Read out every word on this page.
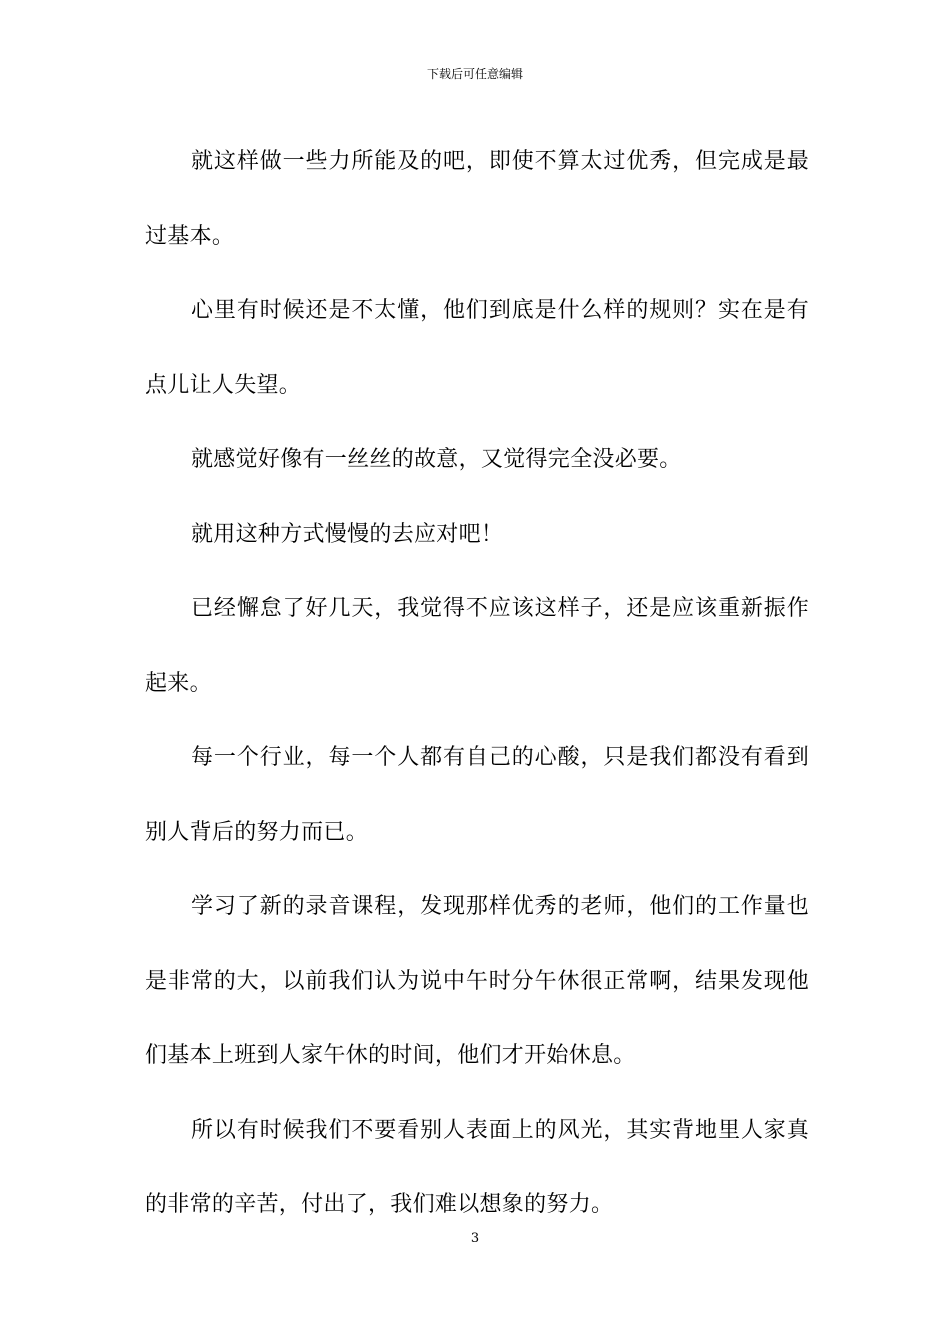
下载后可任意编辑

就这样做一些力所能及的吧，即使不算太过优秀，但完成是最过基本。

心里有时候还是不太懂，他们到底是什么样的规则？实在是有点儿让人失望。

就感觉好像有一丝丝的故意，又觉得完全没必要。

就用这种方式慢慢的去应对吧！

已经懈怠了好几天，我觉得不应该这样子，还是应该重新振作起来。

每一个行业，每一个人都有自己的心酸，只是我们都没有看到别人背后的努力而已。

学习了新的录音课程，发现那样优秀的老师，他们的工作量也是非常的大，以前我们认为说中午时分午休很正常啊，结果发现他们基本上班到人家午休的时间，他们才开始休息。

所以有时候我们不要看别人表面上的风光，其实背地里人家真的非常的辛苦，付出了，我们难以想象的努力。

3
